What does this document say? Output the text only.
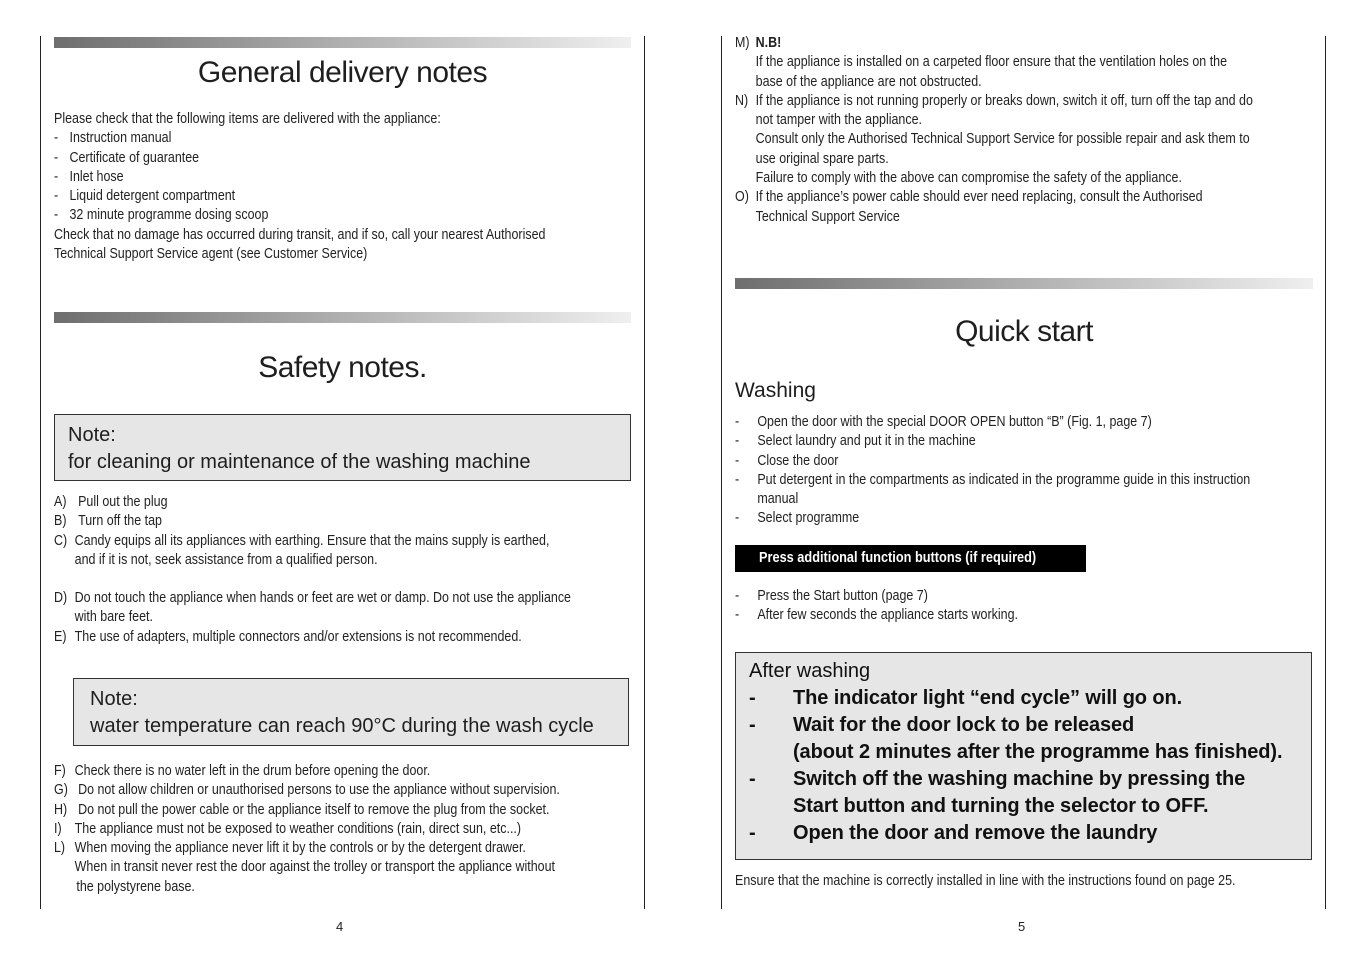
General delivery notes
Please check that the following items are delivered with the appliance:
- Instruction manual
- Certificate of guarantee
- Inlet hose
- Liquid detergent compartment
- 32 minute programme dosing scoop
Check that no damage has occurred during transit, and if so, call your nearest Authorised
Technical Support Service agent (see Customer Service)
Safety notes.
Note:
for cleaning or maintenance of the washing machine
A) Pull out the plug
B) Turn off the tap
C) Candy equips all its appliances with earthing. Ensure that the mains supply is earthed,
and if it is not, seek assistance from a qualified person.
D) Do not touch the appliance when hands or feet are wet or damp. Do not use the appliance
with bare feet.
E) The use of adapters, multiple connectors and/or extensions is not recommended.
Note:
water temperature can reach 90°C during the wash cycle
F) Check there is no water left in the drum before opening the door.
G) Do not allow children or unauthorised persons to use the appliance without supervision.
H) Do not pull the power cable or the appliance itself to remove the plug from the socket.
I) The appliance must not be exposed to weather conditions (rain, direct sun, etc...)
L) When moving the appliance never lift it by the controls or by the detergent drawer.
When in transit never rest the door against the trolley or transport the appliance without
the polystyrene base.
4
M) N.B!
If the appliance is installed on a carpeted floor ensure that the ventilation holes on the
base of the appliance are not obstructed.
N) If the appliance is not running properly or breaks down, switch it off, turn off the tap and do
not tamper with the appliance.
Consult only the Authorised Technical Support Service for possible repair and ask them to
use original spare parts.
Failure to comply with the above can compromise the safety of the appliance.
O) If the appliance’s power cable should ever need replacing, consult the Authorised
Technical Support Service
Quick start
Washing
-	Open the door with the special DOOR OPEN button “B” (Fig. 1, page 7)
-	Select laundry and put it in the machine
-	Close the door
-	Put detergent in the compartments as indicated in the programme guide in this instruction
manual
-	Select programme
Press additional function buttons (if required)
-	Press the Start button (page 7)
-	After few seconds the appliance starts working.
After washing
-	The indicator light “end cycle” will go on.
-	Wait for the door lock to be released
(about 2 minutes after the programme has finished).
-	Switch off the washing machine by pressing the
Start button and turning the selector to OFF.
-	Open the door and remove the laundry
Ensure that the machine is correctly installed in line with the instructions found on page 25.
5
